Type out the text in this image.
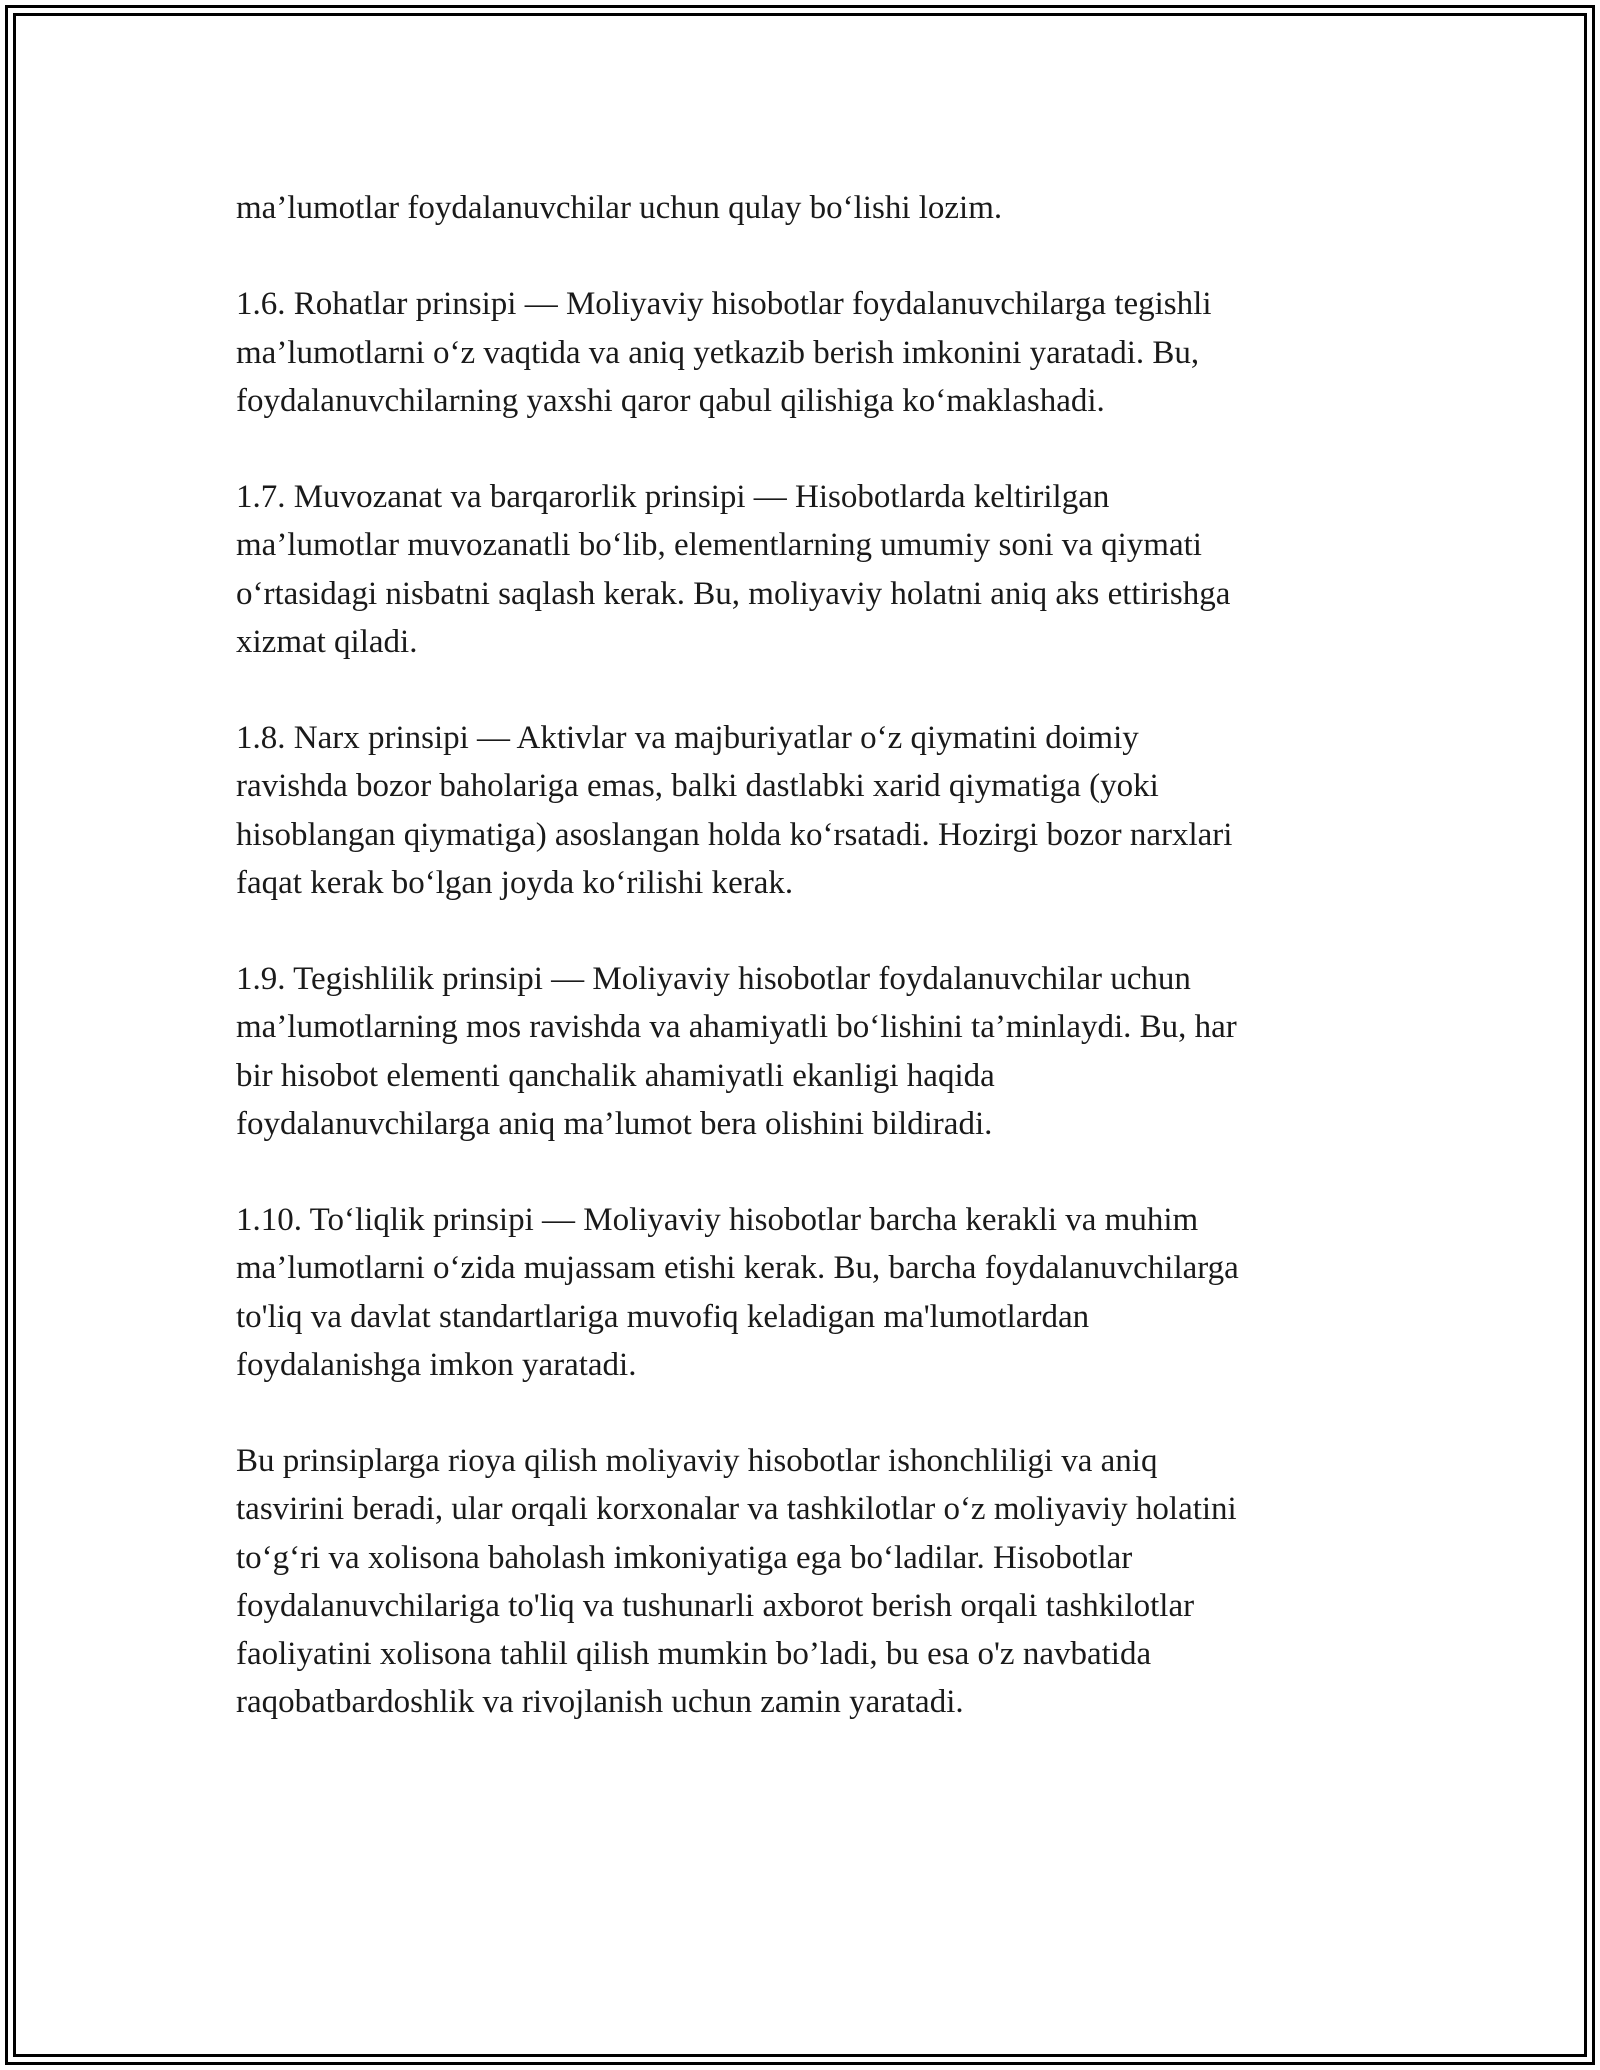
ma’lumotlar foydalanuvchilar uchun qulay bo‘lishi lozim.

1.6. Rohatlar prinsipi — Moliyaviy hisobotlar foydalanuvchilarga tegishli
ma’lumotlarni o‘z vaqtida va aniq yetkazib berish imkonini yaratadi. Bu,
foydalanuvchilarning yaxshi qaror qabul qilishiga ko‘maklashadi.

1.7. Muvozanat va barqarorlik prinsipi — Hisobotlarda keltirilgan
ma’lumotlar muvozanatli bo‘lib, elementlarning umumiy soni va qiymati
o‘rtasidagi nisbatni saqlash kerak. Bu, moliyaviy holatni aniq aks ettirishga
xizmat qiladi.

1.8. Narx prinsipi — Aktivlar va majburiyatlar o‘z qiymatini doimiy
ravishda bozor baholariga emas, balki dastlabki xarid qiymatiga (yoki
hisoblangan qiymatiga) asoslangan holda ko‘rsatadi. Hozirgi bozor narxlari
faqat kerak bo‘lgan joyda ko‘rilishi kerak.

1.9. Tegishlilik prinsipi — Moliyaviy hisobotlar foydalanuvchilar uchun
ma’lumotlarning mos ravishda va ahamiyatli bo‘lishini ta’minlaydi. Bu, har
bir hisobot elementi qanchalik ahamiyatli ekanligi haqida
foydalanuvchilarga aniq ma’lumot bera olishini bildiradi.

1.10. To‘liqlik prinsipi — Moliyaviy hisobotlar barcha kerakli va muhim
ma’lumotlarni o‘zida mujassam etishi kerak. Bu, barcha foydalanuvchilarga
to'liq va davlat standartlariga muvofiq keladigan ma'lumotlardan
foydalanishga imkon yaratadi.

Bu prinsiplarga rioya qilish moliyaviy hisobotlar ishonchliligi va aniq
tasvirini beradi, ular orqali korxonalar va tashkilotlar o‘z moliyaviy holatini
to‘g‘ri va xolisona baholash imkoniyatiga ega bo‘ladilar. Hisobotlar
foydalanuvchilariga to'liq va tushunarli axborot berish orqali tashkilotlar
faoliyatini xolisona tahlil qilish mumkin bo’ladi, bu esa o'z navbatida
raqobatbardoshlik va rivojlanish uchun zamin yaratadi.
